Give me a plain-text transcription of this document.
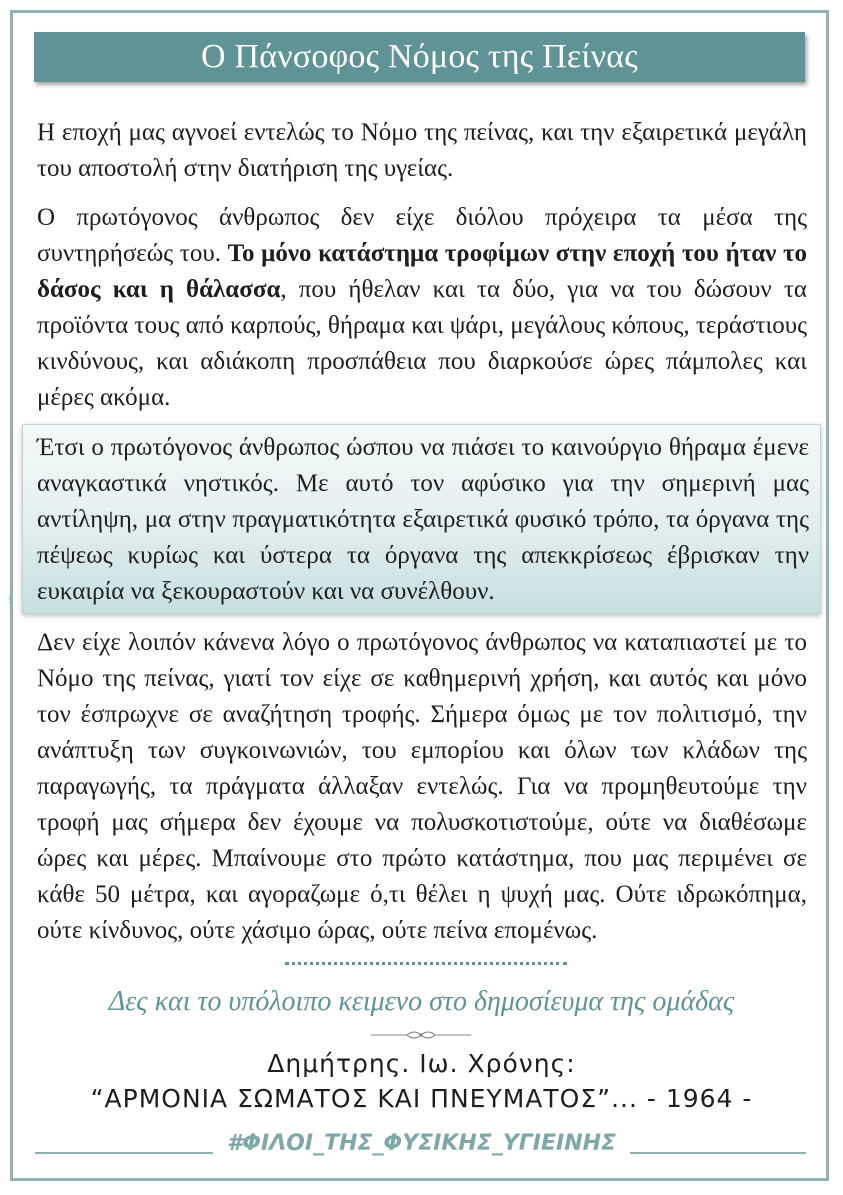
⁝	⁝
Ο Πάνσοφος Νόμος της Πείνας

Η εποχή μας αγνοεί εντελώς το Νόμο της πείνας, και την εξαιρετικά μεγάλη του αποστολή στην διατήριση της υγείας.

Ο πρωτόγονος άνθρωπος δεν είχε διόλου πρόχειρα τα μέσα της συντηρήσεώς του. Το μόνο κατάστημα τροφίμων στην εποχή του ήταν το δάσος και η θάλασσα, που ήθελαν και τα δύο, για να του δώσουν τα προϊόντα τους από καρπούς, θήραμα και ψάρι, μεγάλους κόπους, τεράστιους κινδύνους, και αδιάκοπη προσπάθεια που διαρκούσε ώρες πάμπολες και μέρες ακόμα.

Έτσι ο πρωτόγονος άνθρωπος ώσπου να πιάσει το καινούργιο θήραμα έμενε αναγκαστικά νηστικός. Με αυτό τον αφύσικο για την σημερινή μας αντίληψη, μα στην πραγματικότητα εξαιρετικά φυσικό τρόπο, τα όργανα της πέψεως κυρίως και ύστερα τα όργανα της απεκκρίσεως έβρισκαν την ευκαιρία να ξεκουραστούν και να συνέλθουν.

Δεν είχε λοιπόν κάνενα λόγο ο πρωτόγονος άνθρωπος να καταπιαστεί με το Νόμο της πείνας, γιατί τον είχε σε καθημερινή χρήση, και αυτός και μόνο τον έσπρωχνε σε αναζήτηση τροφής. Σήμερα όμως με τον πολιτισμό, την ανάπτυξη των συγκοινωνιών, του εμπορίου και όλων των κλάδων της παραγωγής, τα πράγματα άλλαξαν εντελώς. Για να προμηθευτούμε την τροφή μας σήμερα δεν έχουμε να πολυσκοτιστούμε, ούτε να διαθέσωμε ώρες και μέρες. Μπαίνουμε στο πρώτο κατάστημα, που μας περιμένει σε κάθε 50 μέτρα, και αγοραζωμε ό,τι θέλει η ψυχή μας. Ούτε ιδρωκόπημα, ούτε κίνδυνος, ούτε χάσιμο ώρας, ούτε πείνα επομένως.

Δες και το υπόλοιπο κειμενο στο δημοσίευμα της ομάδας
Δημήτρης. Ιω. Χρόνης:
“ΑΡΜΟΝΙΑ ΣΩΜΑΤΟΣ ΚΑΙ ΠΝΕΥΜΑΤΟΣ”... - 1964 -
#ΦΙΛΟΙ_ΤΗΣ_ΦΥΣΙΚΗΣ_ΥΓΙΕΙΝΗΣ
